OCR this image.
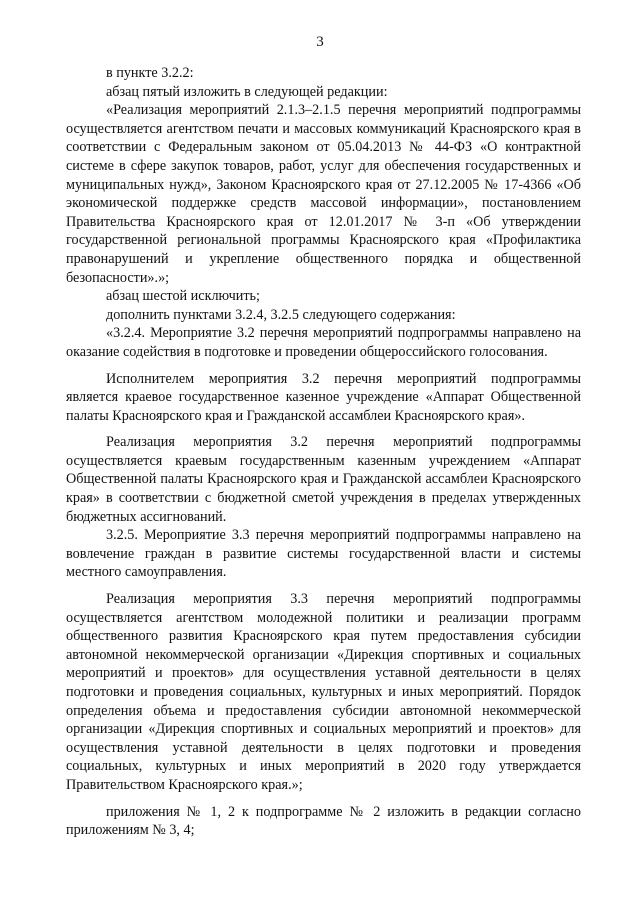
3

в пункте 3.2.2:

абзац пятый изложить в следующей редакции:

«Реализация мероприятий 2.1.3–2.1.5 перечня мероприятий подпрограммы осуществляется агентством печати и массовых коммуникаций Красноярского края в соответствии с Федеральным законом от 05.04.2013 № 44-ФЗ «О контрактной системе в сфере закупок товаров, работ, услуг для обеспечения государственных и муниципальных нужд», Законом Красноярского края от 27.12.2005 № 17-4366 «Об экономической поддержке средств массовой информации», постановлением Правительства Красноярского края от 12.01.2017 № 3-п «Об утверждении государственной региональной программы Красноярского края «Профилактика правонарушений и укрепление общественного порядка и общественной безопасности».»;

абзац шестой исключить;

дополнить пунктами 3.2.4, 3.2.5 следующего содержания:

«3.2.4. Мероприятие 3.2 перечня мероприятий подпрограммы направлено на оказание содействия в подготовке и проведении общероссийского голосования.

Исполнителем мероприятия 3.2 перечня мероприятий подпрограммы является краевое государственное казенное учреждение «Аппарат Общественной палаты Красноярского края и Гражданской ассамблеи Красноярского края».

Реализация мероприятия 3.2 перечня мероприятий подпрограммы осуществляется краевым государственным казенным учреждением «Аппарат Общественной палаты Красноярского края и Гражданской ассамблеи Красноярского края» в соответствии с бюджетной сметой учреждения в пределах утвержденных бюджетных ассигнований.

3.2.5. Мероприятие 3.3 перечня мероприятий подпрограммы направлено на вовлечение граждан в развитие системы государственной власти и системы местного самоуправления.

Реализация мероприятия 3.3 перечня мероприятий подпрограммы осуществляется агентством молодежной политики и реализации программ общественного развития Красноярского края путем предоставления субсидии автономной некоммерческой организации «Дирекция спортивных и социальных мероприятий и проектов» для осуществления уставной деятельности в целях подготовки и проведения социальных, культурных и иных мероприятий. Порядок определения объема и предоставления субсидии автономной некоммерческой организации «Дирекция спортивных и социальных мероприятий и проектов» для осуществления уставной деятельности в целях подготовки и проведения социальных, культурных и иных мероприятий в 2020 году утверждается Правительством Красноярского края.»;

приложения № 1, 2 к подпрограмме № 2 изложить в редакции согласно приложениям № 3, 4;
